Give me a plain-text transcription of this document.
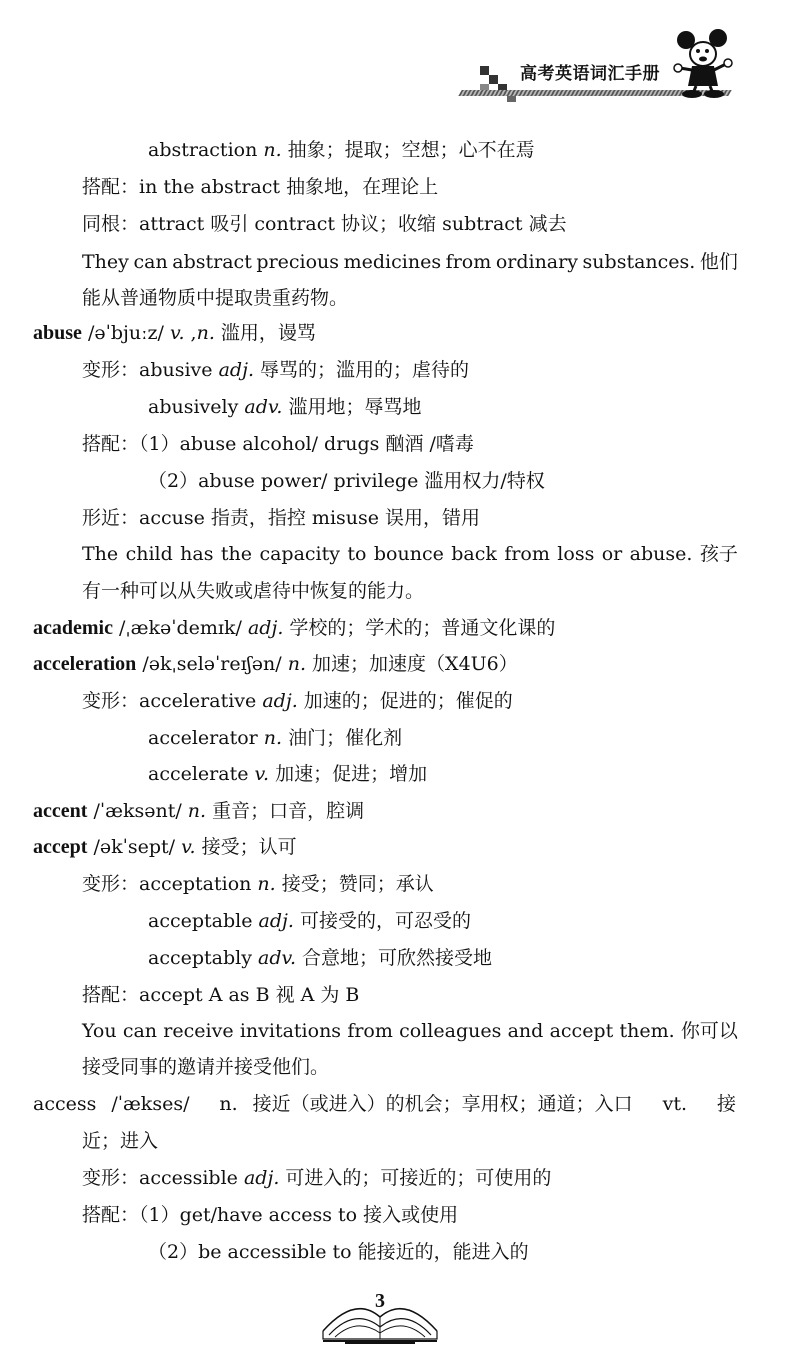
高考英语词汇手册
abstraction n. 抽象；提取；空想；心不在焉
搭配：in the abstract 抽象地，在理论上
同根：attract 吸引 contract 协议；收缩 subtract 减去
They can abstract precious medicines from ordinary substances. 他们
能从普通物质中提取贵重药物。
abuse /əˈbjuːz/ v. ,n. 滥用，谩骂
变形：abusive adj. 辱骂的；滥用的；虐待的
abusively adv. 滥用地；辱骂地
搭配：（1）abuse alcohol/ drugs 酗酒 /嗜毒
（2）abuse power/ privilege 滥用权力/特权
形近：accuse 指责，指控 misuse 误用，错用
The child has the capacity to bounce back from loss or abuse. 孩子
有一种可以从失败或虐待中恢复的能力。
academic /ˌækəˈdemɪk/ adj. 学校的；学术的；普通文化课的
acceleration /əkˌseləˈreɪʃən/ n. 加速；加速度（X4U6）
变形：accelerative adj. 加速的；促进的；催促的
accelerator n. 油门；催化剂
accelerate v. 加速；促进；增加
accent /ˈæksənt/ n. 重音；口音，腔调
accept /əkˈsept/ v. 接受；认可
变形：acceptation n. 接受；赞同；承认
acceptable adj. 可接受的，可忍受的
acceptably adv. 合意地；可欣然接受地
搭配：accept A as B 视 A 为 B
You can receive invitations from colleagues and accept them. 你可以
接受同事的邀请并接受他们。
access /ˈækses/ n. 接近（或进入）的机会；享用权；通道；入口 vt. 接
近；进入
变形：accessible adj. 可进入的；可接近的；可使用的
搭配：（1）get/have access to 接入或使用
（2）be accessible to 能接近的，能进入的
3
